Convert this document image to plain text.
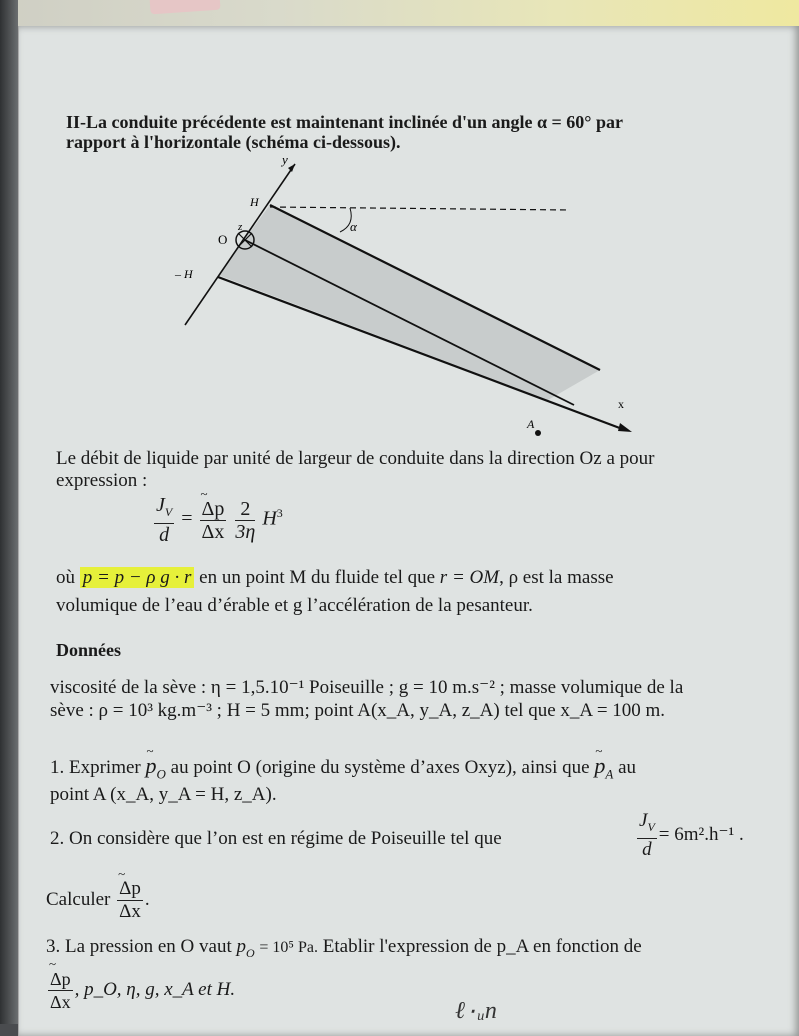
II-La conduite précédente est maintenant inclinée d'un angle α = 60° par
rapport à l'horizontale (schéma ci-dessous).
y
z
H
O
– H
α
x
A
Le débit de liquide par unité de largeur de conduite dans la direction Oz a pour
expression :
$\frac{J_V}{d}$ = ~ $\frac{\Delta p}{\Delta x}$
$\frac{2}{3\eta} H^3$
où p = p − ρ g · r en un point M du fluide tel que r = OM, ρ est la masse
volumique de l’eau d’érable et g l’accélération de la pesanteur.
Données
viscosité de la sève : η = 1,5.10⁻¹ Poiseuille ; g = 10 m.s⁻² ; masse volumique de la
sève : ρ = 10³ kg.m⁻³ ; H = 5 mm; point A(x_A, y_A, z_A) tel que x_A = 100 m.
1. Exprimer ~ $p_O$ au point O (origine du système d’axes Oxyz), ainsi que ~ $p_A$ au
point A (x_A, y_A = H, z_A).
2. On considère que l’on est en régime de Poiseuille tel que	$\frac{J_V}{d} = 6m^2.h^{-1}$ .
Calculer ~ $\frac{\Delta p}{\Delta x}$ .
3. La pression en O vaut $p_O = 10^5$ Pa. Etablir l'expression de p_A en fonction de
~ $\frac{\Delta p}{\Delta x}$ , p_O, η, g, x_A et H.
ℓ۰ᵤn
